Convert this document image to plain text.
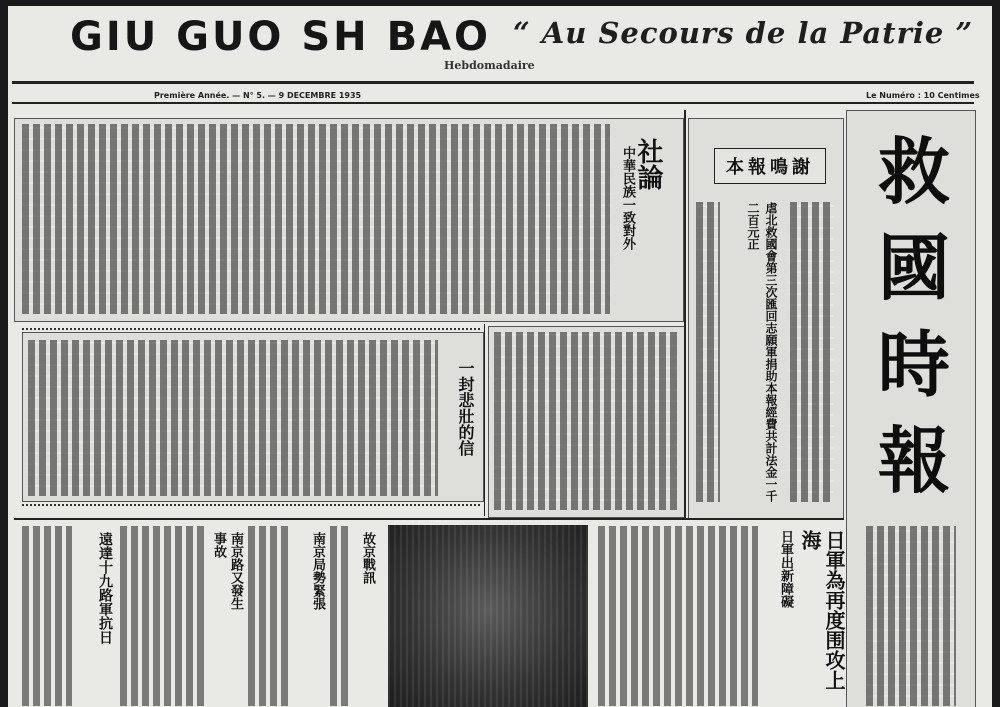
GIU GUO SH BAO “ Au Secours de la Patrie ”
Hebdomadaire
Première Année. — N° 5. — 9 DECEMBRE 1935	Le Numéro : 10 Centimes
救
國
時
報
社論
中華民族一致對外	本報鳴謝
虐北救國會第三次匯回志願軍捐助本報經費共計法金一千二百元正
一封悲壯的信
遠達十九路軍抗日	南京路又發生事故	南京局勢緊張	故京戰訊	日軍出新障礙	日軍為再度围攻上海
